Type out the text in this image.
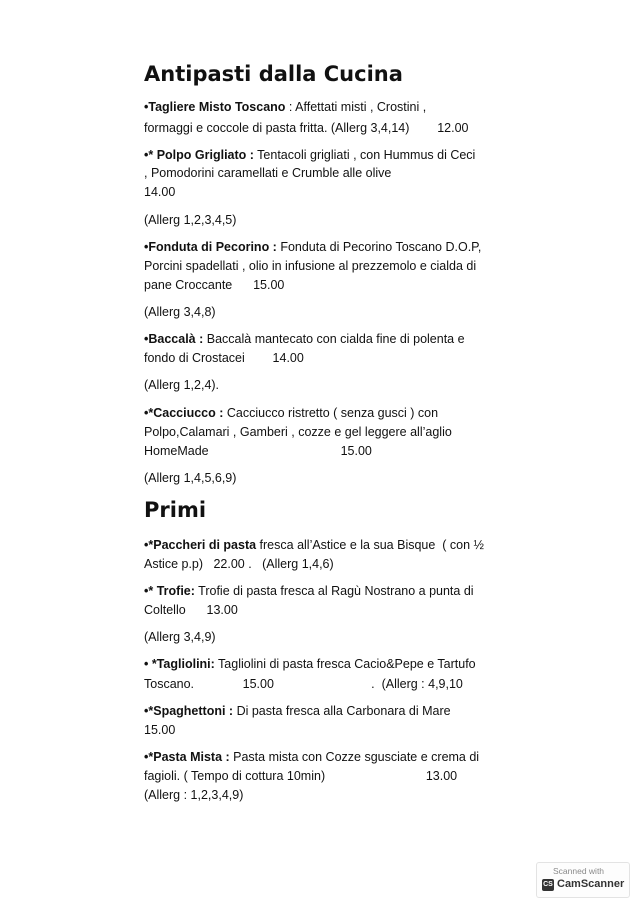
Antipasti dalla Cucina
•Tagliere Misto Toscano : Affettati misti , Crostini ,
formaggi e coccole di pasta fritta. (Allerg 3,4,14)        12.00
•* Polpo Grigliato : Tentacoli grigliati , con Hummus di Ceci
, Pomodorini caramellati e Crumble alle olive
14.00
(Allerg 1,2,3,4,5)
•Fonduta di Pecorino : Fonduta di Pecorino Toscano D.O.P,
Porcini spadellati , olio in infusione al prezzemolo e cialda di
pane Croccante      15.00
(Allerg 3,4,8)
•Baccalà : Baccalà mantecato con cialda fine di polenta e
fondo di Crostacei        14.00
(Allerg 1,2,4).
•*Cacciucco : Cacciucco ristretto ( senza gusci ) con
Polpo,Calamari , Gamberi , cozze e gel leggere all’aglio
HomeMade                                      15.00
(Allerg 1,4,5,6,9)
Primi
•*Paccheri di pasta fresca all’Astice e la sua Bisque  ( con ½
Astice p.p)   22.00 .   (Allerg 1,4,6)
•* Trofie: Trofie di pasta fresca al Ragù Nostrano a punta di
Coltello      13.00
(Allerg 3,4,9)
• *Tagliolini: Tagliolini di pasta fresca Cacio&Pepe e Tartufo
Toscano.              15.00                            .  (Allerg : 4,9,10
•*Spaghettoni : Di pasta fresca alla Carbonara di Mare
15.00
•*Pasta Mista : Pasta mista con Cozze sgusciate e crema di
fagioli. ( Tempo di cottura 10min)                             13.00
(Allerg : 1,2,3,4,9)
Scanned with
CS CamScanner
